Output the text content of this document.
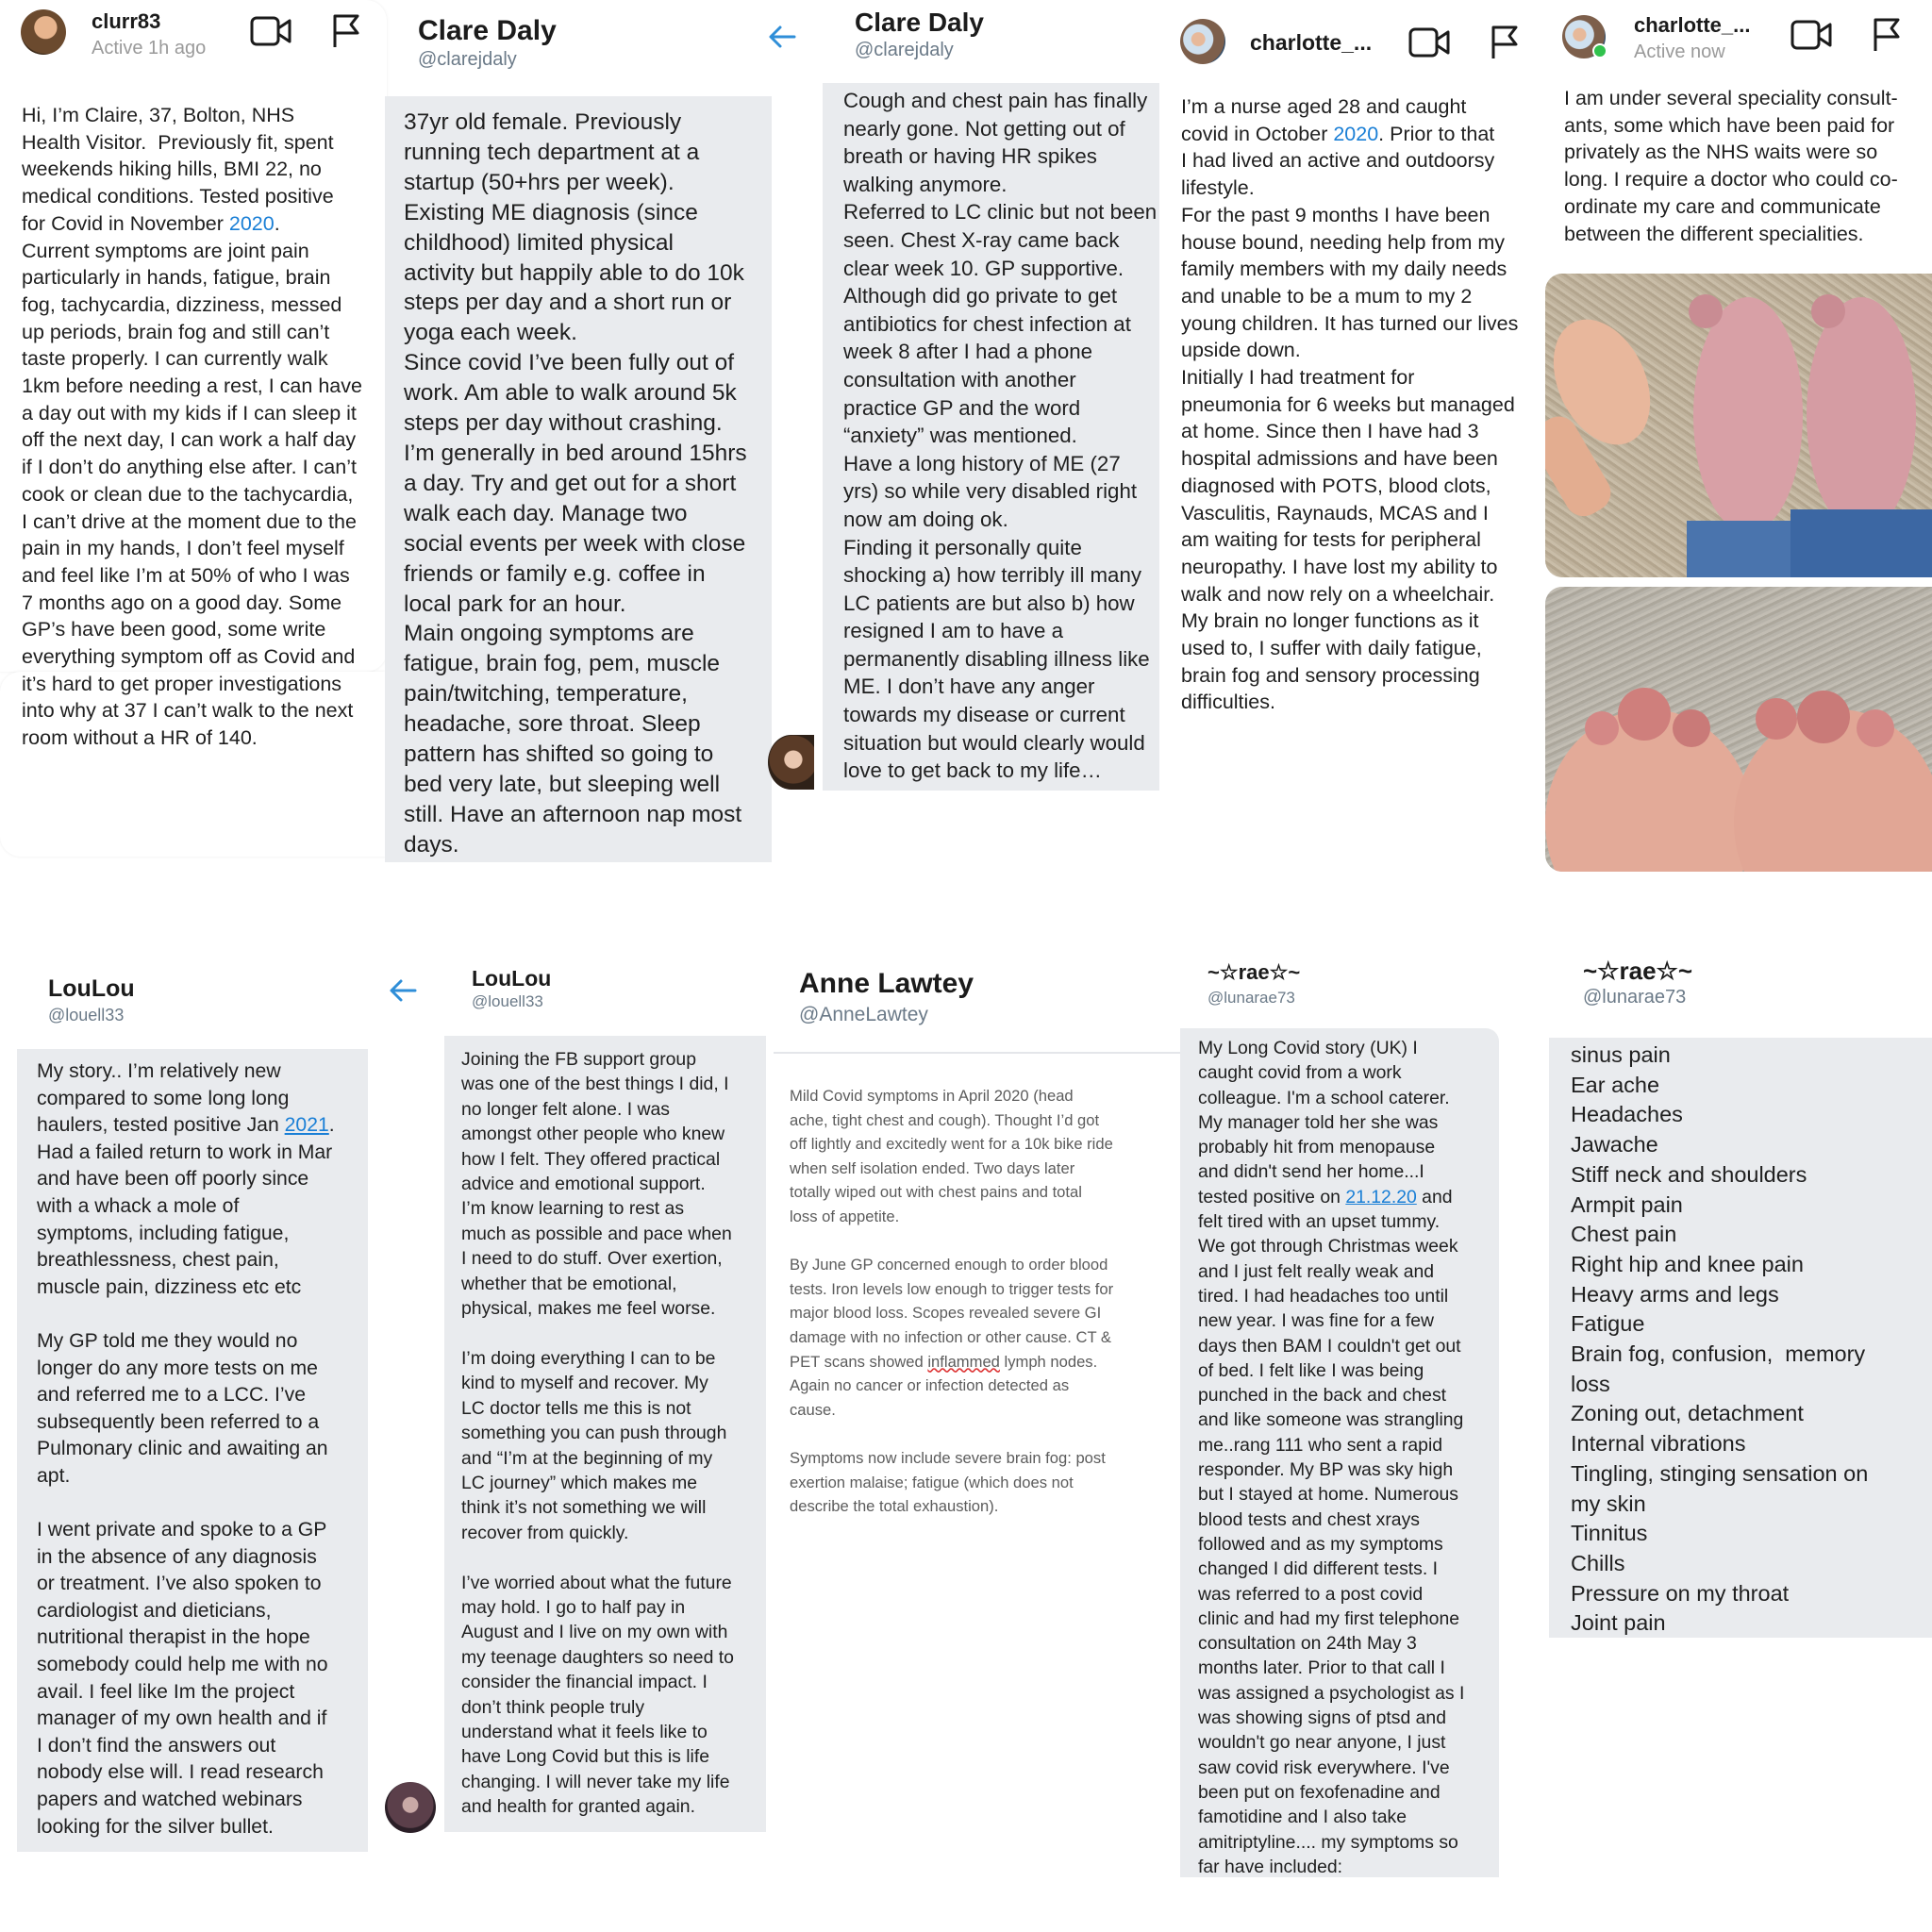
clurr83
Active 1h ago
Hi, I’m Claire, 37, Bolton, NHS
Health Visitor.  Previously fit, spent
weekends hiking hills, BMI 22, no
medical conditions. Tested positive
for Covid in November 2020.
Current symptoms are joint pain
particularly in hands, fatigue, brain
fog, tachycardia, dizziness, messed
up periods, brain fog and still can’t
taste properly. I can currently walk
1km before needing a rest, I can have
a day out with my kids if I can sleep it
off the next day, I can work a half day
if I don’t do anything else after. I can’t
cook or clean due to the tachycardia,
I can’t drive at the moment due to the
pain in my hands, I don’t feel myself
and feel like I’m at 50% of who I was
7 months ago on a good day. Some
GP’s have been good, some write
everything symptom off as Covid and
it’s hard to get proper investigations
into why at 37 I can’t walk to the next
room without a HR of 140.
Clare Daly
@clarejdaly
37yr old female. Previously
running tech department at a
startup (50+hrs per week).
Existing ME diagnosis (since
childhood) limited physical
activity but happily able to do 10k
steps per day and a short run or
yoga each week.
Since covid I’ve been fully out of
work. Am able to walk around 5k
steps per day without crashing.
I’m generally in bed around 15hrs
a day. Try and get out for a short
walk each day. Manage two
social events per week with close
friends or family e.g. coffee in
local park for an hour.
Main ongoing symptoms are
fatigue, brain fog, pem, muscle
pain/twitching, temperature,
headache, sore throat. Sleep
pattern has shifted so going to
bed very late, but sleeping well
still. Have an afternoon nap most
days.
Clare Daly
@clarejdaly
Cough and chest pain has finally
nearly gone. Not getting out of
breath or having HR spikes
walking anymore.
Referred to LC clinic but not been
seen. Chest X-ray came back
clear week 10. GP supportive.
Although did go private to get
antibiotics for chest infection at
week 8 after I had a phone
consultation with another
practice GP and the word
“anxiety” was mentioned.
Have a long history of ME (27
yrs) so while very disabled right
now am doing ok.
Finding it personally quite
shocking a) how terribly ill many
LC patients are but also b) how
resigned I am to have a
permanently disabling illness like
ME. I don’t have any anger
towards my disease or current
situation but would clearly would
love to get back to my life…
charlotte_...
I’m a nurse aged 28 and caught
covid in October 2020. Prior to that
I had lived an active and outdoorsy
lifestyle.
For the past 9 months I have been
house bound, needing help from my
family members with my daily needs
and unable to be a mum to my 2
young children. It has turned our lives
upside down.
Initially I had treatment for
pneumonia for 6 weeks but managed
at home. Since then I have had 3
hospital admissions and have been
diagnosed with POTS, blood clots,
Vasculitis, Raynauds, MCAS and I
am waiting for tests for peripheral
neuropathy. I have lost my ability to
walk and now rely on a wheelchair.
My brain no longer functions as it
used to, I suffer with daily fatigue,
brain fog and sensory processing
difficulties.
charlotte_...
Active now
I am under several speciality consult-
ants, some which have been paid for
privately as the NHS waits were so
long. I require a doctor who could co-
ordinate my care and communicate
between the different specialities.
LouLou
@louell33
My story.. I’m relatively new
compared to some long long
haulers, tested positive Jan 2021.
Had a failed return to work in Mar
and have been off poorly since
with a whack a mole of
symptoms, including fatigue,
breathlessness, chest pain,
muscle pain, dizziness etc etc

My GP told me they would no
longer do any more tests on me
and referred me to a LCC. I’ve
subsequently been referred to a
Pulmonary clinic and awaiting an
apt.

I went private and spoke to a GP
in the absence of any diagnosis
or treatment. I’ve also spoken to
cardiologist and dieticians,
nutritional therapist in the hope
somebody could help me with no
avail. I feel like Im the project
manager of my own health and if
I don’t find the answers out
nobody else will. I read research
papers and watched webinars
looking for the silver bullet.
LouLou
@louell33
Joining the FB support group
was one of the best things I did, I
no longer felt alone. I was
amongst other people who knew
how I felt. They offered practical
advice and emotional support.
I’m know learning to rest as
much as possible and pace when
I need to do stuff. Over exertion,
whether that be emotional,
physical, makes me feel worse.

I’m doing everything I can to be
kind to myself and recover. My
LC doctor tells me this is not
something you can push through
and “I’m at the beginning of my
LC journey” which makes me
think it’s not something we will
recover from quickly.

I’ve worried about what the future
may hold. I go to half pay in
August and I live on my own with
my teenage daughters so need to
consider the financial impact. I
don’t think people truly
understand what it feels like to
have Long Covid but this is life
changing. I will never take my life
and health for granted again.
Anne Lawtey
@AnneLawtey
Mild Covid symptoms in April 2020 (head
ache, tight chest and cough). Thought I’d got
off lightly and excitedly went for a 10k bike ride
when self isolation ended. Two days later
totally wiped out with chest pains and total
loss of appetite.

By June GP concerned enough to order blood
tests. Iron levels low enough to trigger tests for
major blood loss. Scopes revealed severe GI
damage with no infection or other cause. CT &
PET scans showed inflammed lymph nodes.
Again no cancer or infection detected as
cause.

Symptoms now include severe brain fog: post
exertion malaise; fatigue (which does not
describe the total exhaustion).
~☆rae☆~
@lunarae73
My Long Covid story (UK) I
caught covid from a work
colleague. I'm a school caterer.
My manager told her she was
probably hit from menopause
and didn't send her home...I
tested positive on 21.12.20 and
felt tired with an upset tummy.
We got through Christmas week
and I just felt really weak and
tired. I had headaches too until
new year. I was fine for a few
days then BAM I couldn't get out
of bed. I felt like I was being
punched in the back and chest
and like someone was strangling
me..rang 111 who sent a rapid
responder. My BP was sky high
but I stayed at home. Numerous
blood tests and chest xrays
followed and as my symptoms
changed I did different tests. I
was referred to a post covid
clinic and had my first telephone
consultation on 24th May 3
months later. Prior to that call I
was assigned a psychologist as I
was showing signs of ptsd and
wouldn't go near anyone, I just
saw covid risk everywhere. I've
been put on fexofenadine and
famotidine and I also take
amitriptyline.... my symptoms so
far have included:
~☆rae☆~
@lunarae73
sinus pain
Ear ache
Headaches
Jawache
Stiff neck and shoulders
Armpit pain
Chest pain
Right hip and knee pain
Heavy arms and legs
Fatigue
Brain fog, confusion,  memory
loss
Zoning out, detachment
Internal vibrations
Tingling, stinging sensation on
my skin
Tinnitus
Chills
Pressure on my throat
Joint pain
